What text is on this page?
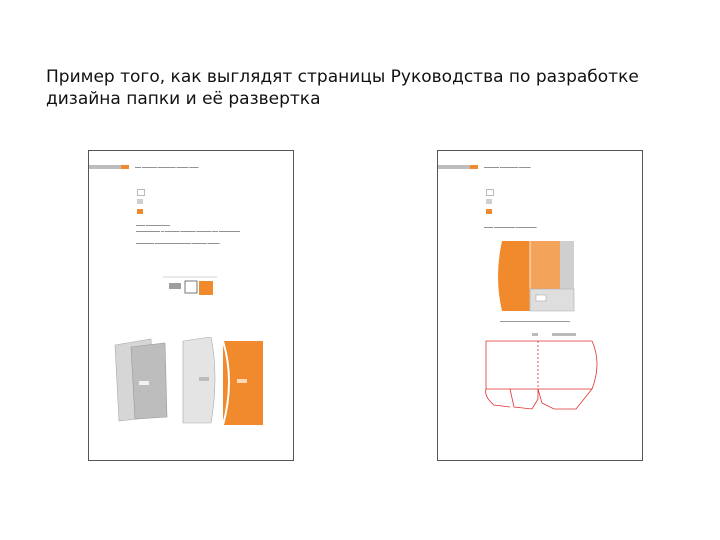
Пример того, как выглядят страницы Руководства по разработке
дизайна папки и её развертка
▬▬ ▬▬▬▬▬ ▬▬▬▬▬▬ ▬▬▬▬ ▬▬▬
▬▬▬ ▬▬▬▬▬▬▬▬
▬▬▬▬▬▬▬▬ ▬ ▬▬▬▬▬ ▬▬▬▬▬ ▬▬▬▬▬ ▬▬ ▬▬▬▬▬▬▬
▬▬▬▬▬▬ ▬▬▬▬▬▬▬▬▬▬▬▬ ▬▬▬▬▬ ▬▬▬▬
▬▬▬▬▬ ▬▬▬▬▬▬ ▬▬▬▬
▬▬▬ ▬▬▬▬▬▬▬ ▬▬▬▬▬▬▬
